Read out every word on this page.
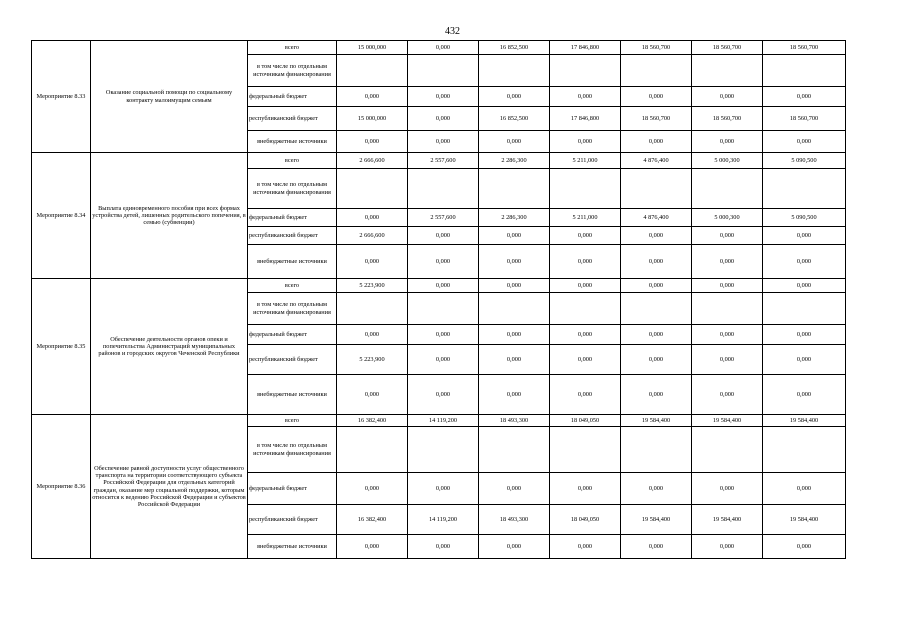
432
Мероприятие 8.33	Оказание социальной помощи по социальному контракту малоимущим семьям	всего	15 000,000	0,000	16 852,500	17 846,800	18 560,700	18 560,700	18 560,700
		в том числе по отдельным источникам финансирования							
		федеральный бюджет	0,000	0,000	0,000	0,000	0,000	0,000	0,000
		республиканский бюджет	15 000,000	0,000	16 852,500	17 846,800	18 560,700	18 560,700	18 560,700
		внебюджетные источники	0,000	0,000	0,000	0,000	0,000	0,000	0,000
Мероприятие 8.34	Выплата единовременного пособия при всех формах устройства детей, лишенных родительского попечения, в семью (субвенции)	всего	2 666,600	2 557,600	2 286,300	5 211,000	4 876,400	5 000,300	5 090,500
		в том числе по отдельным источникам финансирования							
		федеральный бюджет	0,000	2 557,600	2 286,300	5 211,000	4 876,400	5 000,300	5 090,500
		республиканский бюджет	2 666,600	0,000	0,000	0,000	0,000	0,000	0,000
		внебюджетные источники	0,000	0,000	0,000	0,000	0,000	0,000	0,000
Мероприятие 8.35	Обеспечение деятельности органов опеки и попечительства Администраций муниципальных районов и городских округов Чеченской Республики	всего	5 223,900	0,000	0,000	0,000	0,000	0,000	0,000
		в том числе по отдельным источникам финансирования							
		федеральный бюджет	0,000	0,000	0,000	0,000	0,000	0,000	0,000
		республиканский бюджет	5 223,900	0,000	0,000	0,000	0,000	0,000	0,000
		внебюджетные источники	0,000	0,000	0,000	0,000	0,000	0,000	0,000
Мероприятие 8.36	Обеспечение равной доступности услуг общественного транспорта на территории соответствующего субъекта Российской Федерации для отдельных категорий граждан, оказание мер социальной поддержки, которым относится к ведению Российской Федерации и субъектов Российской Федерации	всего	16 382,400	14 119,200	18 493,300	18 049,050	19 584,400	19 584,400	19 584,400
		в том числе по отдельным источникам финансирования							
		федеральный бюджет	0,000	0,000	0,000	0,000	0,000	0,000	0,000
		республиканский бюджет	16 382,400	14 119,200	18 493,300	18 049,050	19 584,400	19 584,400	19 584,400
		внебюджетные источники	0,000	0,000	0,000	0,000	0,000	0,000	0,000
